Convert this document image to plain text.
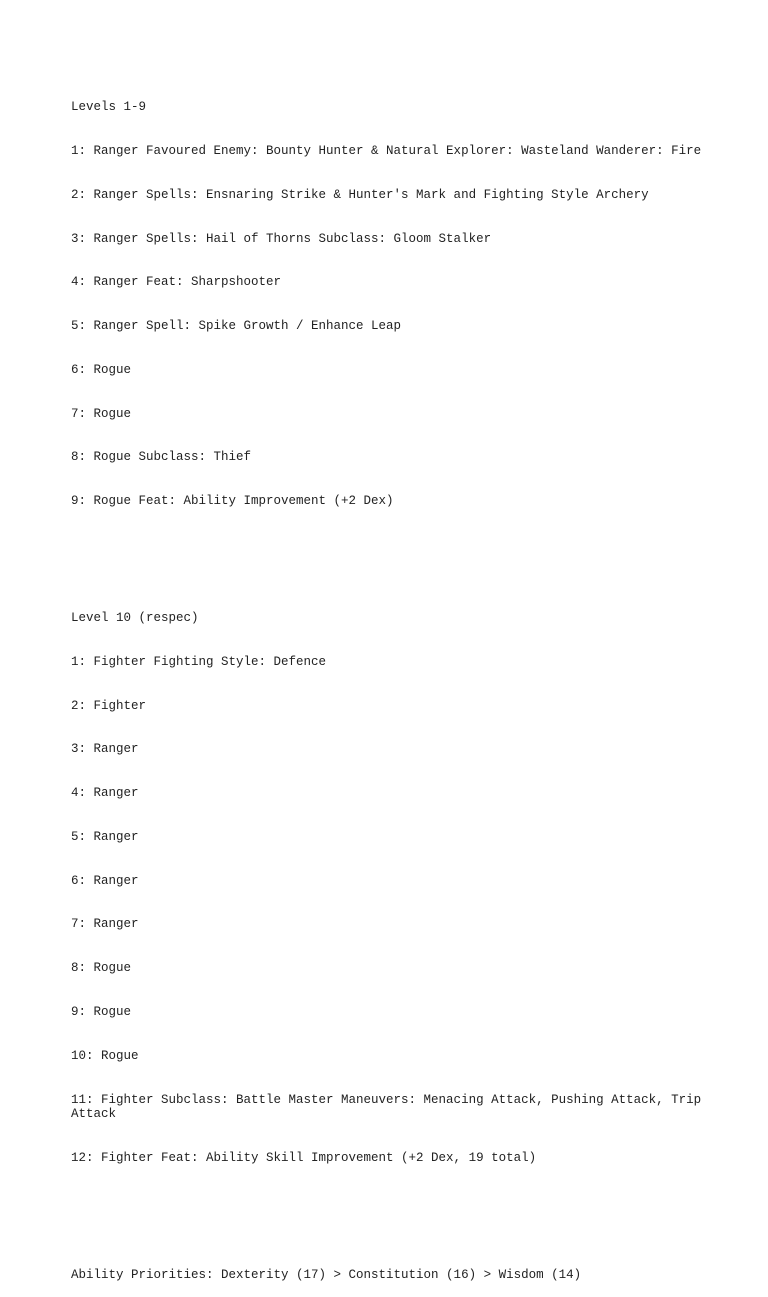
Levels 1-9

1: Ranger Favoured Enemy: Bounty Hunter & Natural Explorer: Wasteland Wanderer: Fire

2: Ranger Spells: Ensnaring Strike & Hunter's Mark and Fighting Style Archery

3: Ranger Spells: Hail of Thorns Subclass: Gloom Stalker

4: Ranger Feat: Sharpshooter

5: Ranger Spell: Spike Growth / Enhance Leap

6: Rogue

7: Rogue

8: Rogue Subclass: Thief

9: Rogue Feat: Ability Improvement (+2 Dex)

Level 10 (respec)

1: Fighter Fighting Style: Defence

2: Fighter

3: Ranger

4: Ranger

5: Ranger

6: Ranger

7: Ranger

8: Rogue

9: Rogue

10: Rogue

11: Fighter Subclass: Battle Master Maneuvers: Menacing Attack, Pushing Attack, Trip Attack

12: Fighter Feat: Ability Skill Improvement (+2 Dex, 19 total)

Ability Priorities: Dexterity (17) > Constitution (16) > Wisdom (14)
